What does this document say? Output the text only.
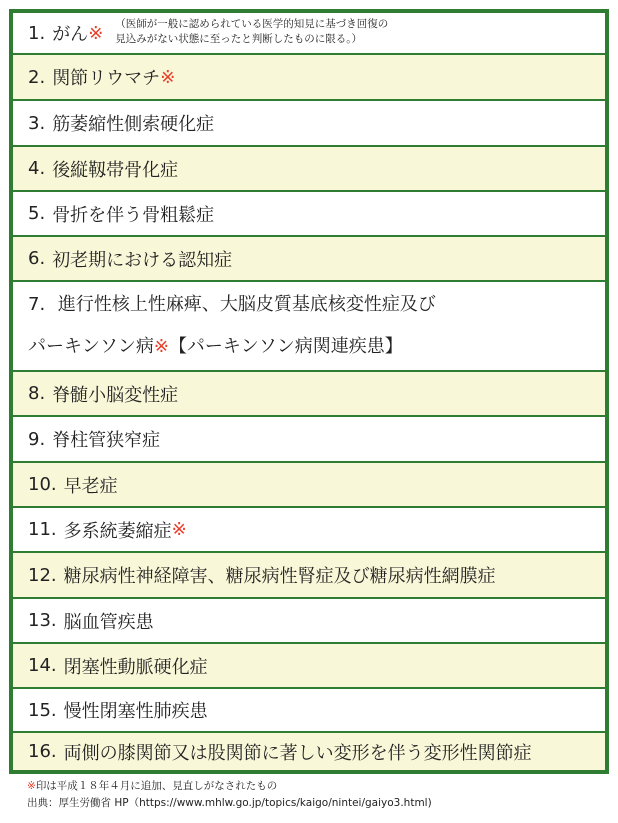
1. がん ※ （医師が一般に認められている医学的知見に基づき回復の
見込みがない状態に至ったと判断したものに限る。）
2. 関節リウマチ ※
3. 筋萎縮性側索硬化症
4. 後縦靱帯骨化症
5. 骨折を伴う骨粗鬆症
6. 初老期における認知症
7. 進行性核上性麻痺、大脳皮質基底核変性症及び
パーキンソン病※【パーキンソン病関連疾患】
8. 脊髄小脳変性症
9. 脊柱管狭窄症
10. 早老症
11. 多系統萎縮症 ※
12. 糖尿病性神経障害、糖尿病性腎症及び糖尿病性網膜症
13. 脳血管疾患
14. 閉塞性動脈硬化症
15. 慢性閉塞性肺疾患
16. 両側の膝関節又は股関節に著しい変形を伴う変形性関節症
※印は平成１８年４月に追加、見直しがなされたもの
出典：厚生労働省 HP（https://www.mhlw.go.jp/topics/kaigo/nintei/gaiyo3.html)
